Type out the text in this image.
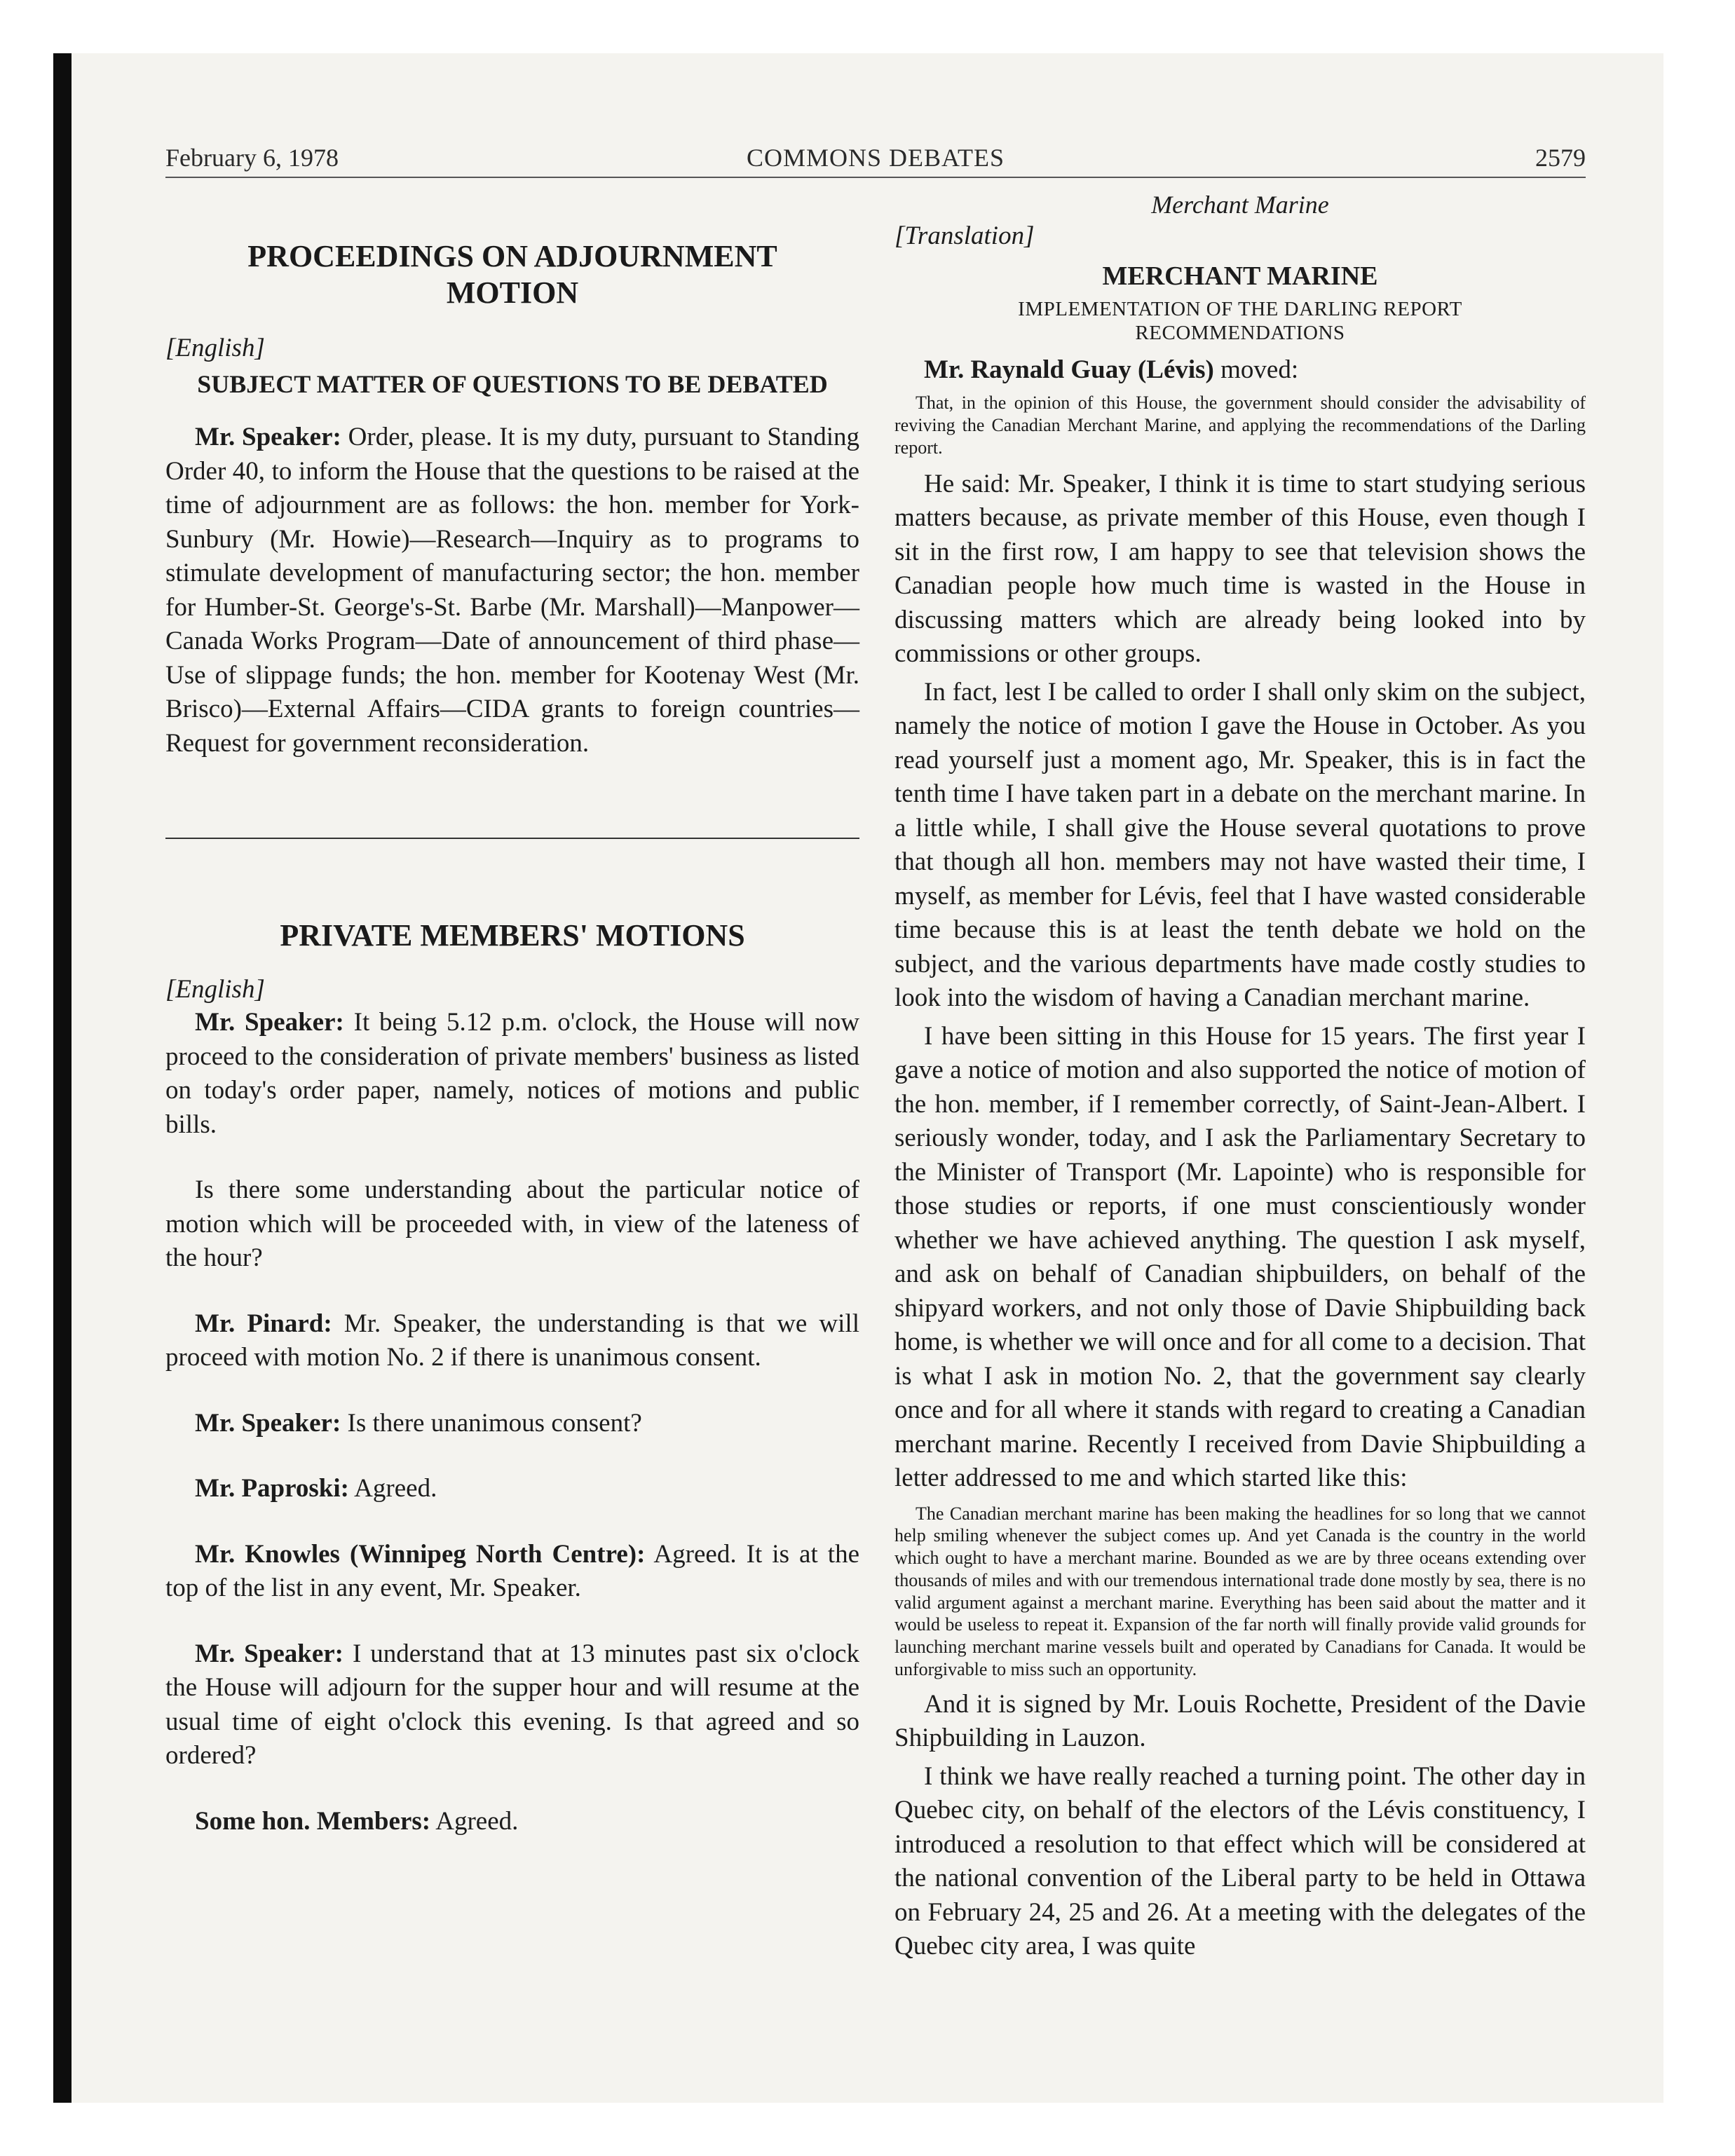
COMMONS DEBATES
February 6, 1978	2579
PROCEEDINGS ON ADJOURNMENT
MOTION

[English]

SUBJECT MATTER OF QUESTIONS TO BE DEBATED

Mr. Speaker: Order, please. It is my duty, pursuant to Standing Order 40, to inform the House that the questions to be raised at the time of adjournment are as follows: the hon. member for York-Sunbury (Mr. Howie)—Research—Inquiry as to programs to stimulate development of manufacturing sector; the hon. member for Humber-St. George's-St. Barbe (Mr. Marshall)—Manpower—Canada Works Program—Date of announcement of third phase—Use of slippage funds; the hon. member for Kootenay West (Mr. Brisco)—External Affairs—CIDA grants to foreign countries—Request for government reconsideration.

PRIVATE MEMBERS' MOTIONS

[English]

Mr. Speaker: It being 5.12 p.m. o'clock, the House will now proceed to the consideration of private members' business as listed on today's order paper, namely, notices of motions and public bills.

Is there some understanding about the particular notice of motion which will be proceeded with, in view of the lateness of the hour?

Mr. Pinard: Mr. Speaker, the understanding is that we will proceed with motion No. 2 if there is unanimous consent.

Mr. Speaker: Is there unanimous consent?

Mr. Paproski: Agreed.

Mr. Knowles (Winnipeg North Centre): Agreed. It is at the top of the list in any event, Mr. Speaker.

Mr. Speaker: I understand that at 13 minutes past six o'clock the House will adjourn for the supper hour and will resume at the usual time of eight o'clock this evening. Is that agreed and so ordered?

Some hon. Members: Agreed.

Merchant Marine

[Translation]

MERCHANT MARINE

IMPLEMENTATION OF THE DARLING REPORT

RECOMMENDATIONS

Mr. Raynald Guay (Lévis) moved:

That, in the opinion of this House, the government should consider the advisability of reviving the Canadian Merchant Marine, and applying the recommendations of the Darling report.

He said: Mr. Speaker, I think it is time to start studying serious matters because, as private member of this House, even though I sit in the first row, I am happy to see that television shows the Canadian people how much time is wasted in the House in discussing matters which are already being looked into by commissions or other groups.

In fact, lest I be called to order I shall only skim on the subject, namely the notice of motion I gave the House in October. As you read yourself just a moment ago, Mr. Speaker, this is in fact the tenth time I have taken part in a debate on the merchant marine. In a little while, I shall give the House several quotations to prove that though all hon. members may not have wasted their time, I myself, as member for Lévis, feel that I have wasted considerable time because this is at least the tenth debate we hold on the subject, and the various departments have made costly studies to look into the wisdom of having a Canadian merchant marine.

I have been sitting in this House for 15 years. The first year I gave a notice of motion and also supported the notice of motion of the hon. member, if I remember correctly, of Saint-Jean-Albert. I seriously wonder, today, and I ask the Parliamentary Secretary to the Minister of Transport (Mr. Lapointe) who is responsible for those studies or reports, if one must conscientiously wonder whether we have achieved anything. The question I ask myself, and ask on behalf of Canadian shipbuilders, on behalf of the shipyard workers, and not only those of Davie Shipbuilding back home, is whether we will once and for all come to a decision. That is what I ask in motion No. 2, that the government say clearly once and for all where it stands with regard to creating a Canadian merchant marine. Recently I received from Davie Shipbuilding a letter addressed to me and which started like this:

The Canadian merchant marine has been making the headlines for so long that we cannot help smiling whenever the subject comes up. And yet Canada is the country in the world which ought to have a merchant marine. Bounded as we are by three oceans extending over thousands of miles and with our tremendous international trade done mostly by sea, there is no valid argument against a merchant marine. Everything has been said about the matter and it would be useless to repeat it. Expansion of the far north will finally provide valid grounds for launching merchant marine vessels built and operated by Canadians for Canada. It would be unforgivable to miss such an opportunity.

And it is signed by Mr. Louis Rochette, President of the Davie Shipbuilding in Lauzon.

I think we have really reached a turning point. The other day in Quebec city, on behalf of the electors of the Lévis constituency, I introduced a resolution to that effect which will be considered at the national convention of the Liberal party to be held in Ottawa on February 24, 25 and 26. At a meeting with the delegates of the Quebec city area, I was quite
